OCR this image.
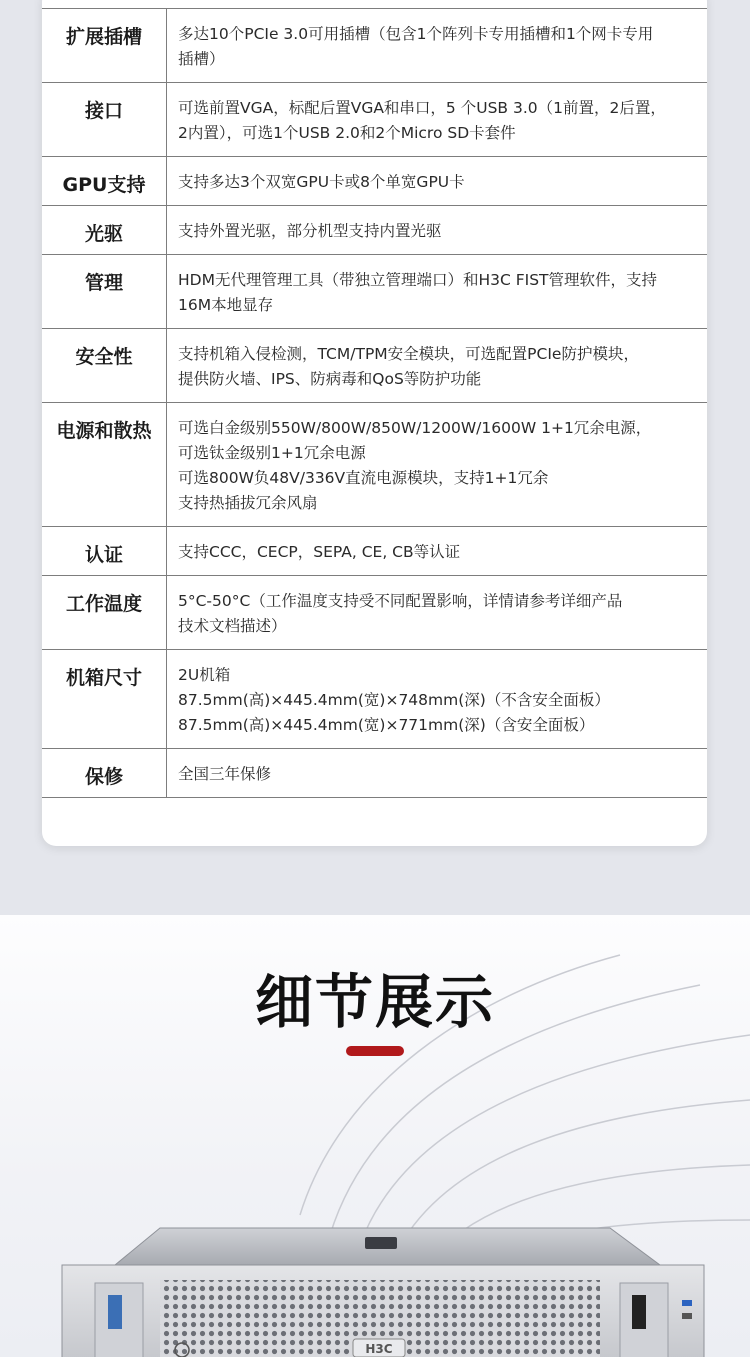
扩展插槽	多达10个PCIe 3.0可用插槽（包含1个阵列卡专用插槽和1个网卡专用
插槽）

接口	可选前置VGA，标配后置VGA和串口，5 个USB 3.0（1前置，2后置，
2内置），可选1个USB 2.0和2个Micro SD卡套件

GPU支持	支持多达3个双宽GPU卡或8个单宽GPU卡

光驱	支持外置光驱，部分机型支持内置光驱

管理	HDM无代理管理工具（带独立管理端口）和H3C FIST管理软件，支持
16M本地显存

安全性	支持机箱入侵检测，TCM/TPM安全模块，可选配置PCIe防护模块，
提供防火墙、IPS、防病毒和QoS等防护功能

电源和散热	可选白金级别550W/800W/850W/1200W/1600W 1+1冗余电源，
可选钛金级别1+1冗余电源
可选800W负48V/336V直流电源模块，支持1+1冗余
支持热插拔冗余风扇

认证	支持CCC，CECP，SEPA, CE, CB等认证

工作温度	5°C-50°C（工作温度支持受不同配置影响，详情请参考详细产品
技术文档描述）

机箱尺寸	2U机箱
87.5mm(高)×445.4mm(宽)×748mm(深)（不含安全面板）
87.5mm(高)×445.4mm(宽)×771mm(深)（含安全面板）

保修	全国三年保修
细节展示
H3C
